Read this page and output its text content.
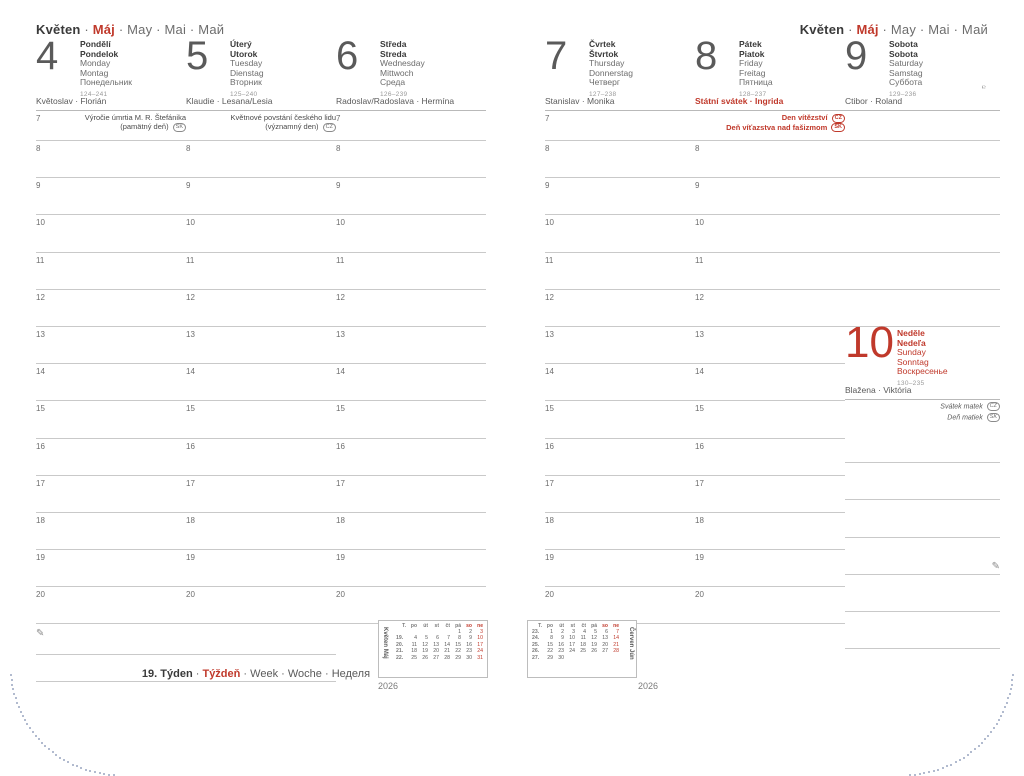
Květen · Máj · May · Mai · Май
4	Pondělí
Pondelok
Monday
Montag
Понедельник
124–241
Květoslav · Florián
7	Výročie úmrtia M. R. Štefánika
(pamätný deň) SK
8
9
10
11
12
13
14
15
16
17
18
19
20
✎
5	Úterý
Utorok
Tuesday
Dienstag
Вторник
125–240
Klaudie · Lesana/Lesia
Květnové povstání českého lidu
(významný den) CZ
8
9
10
11
12
13
14
15
16
17
18
19
20
6	Středa
Streda
Wednesday
Mittwoch
Среда
126–239
Radoslav/Radoslava · Hermína
7
8
9
10
11
12
13
14
15
16
17
18
19
20
Květen Máj
T.	po	út	st	čt	pá	so	ne
					1	2	3
19.	4	5	6	7	8	9	10
20.	11	12	13	14	15	16	17
21.	18	19	20	21	22	23	24
22.	25	26	27	28	29	30	31
2026
19. Týden · Týždeň · Week · Woche · Неделя
Květen · Máj · May · Mai · Май
7	Čvrtek
Štvrtok
Thursday
Donnerstag
Четверг
127–238
Stanislav · Monika
7
8
9
10
11
12
13
14
15
16
17
18
19
20
8	Pátek
Piatok
Friday
Freitag
Пятница
128–237
Státní svátek · Ingrida
Den vítězství CZ
Deň víťazstva nad fašizmom SK
8
9
10
11
12
13
14
15
16
17
18
19
20
9	Sobota
Sobota
Saturday
Samstag
Суббота
129–236
Ctibor · Roland
10 Neděle
Nedeľa
Sunday
Sonntag
Воскресенье
130–235
Blažena · Viktória
Svátek matek CZ
Deň matiek SK
✎
T.	po	út	st	čt	pá	so	ne
23.	1	2	3	4	5	6	7
24.	8	9	10	11	12	13	14
25.	15	16	17	18	19	20	21
26.	22	23	24	25	26	27	28
27.	29	30					
Červen Jún
2026
℮
